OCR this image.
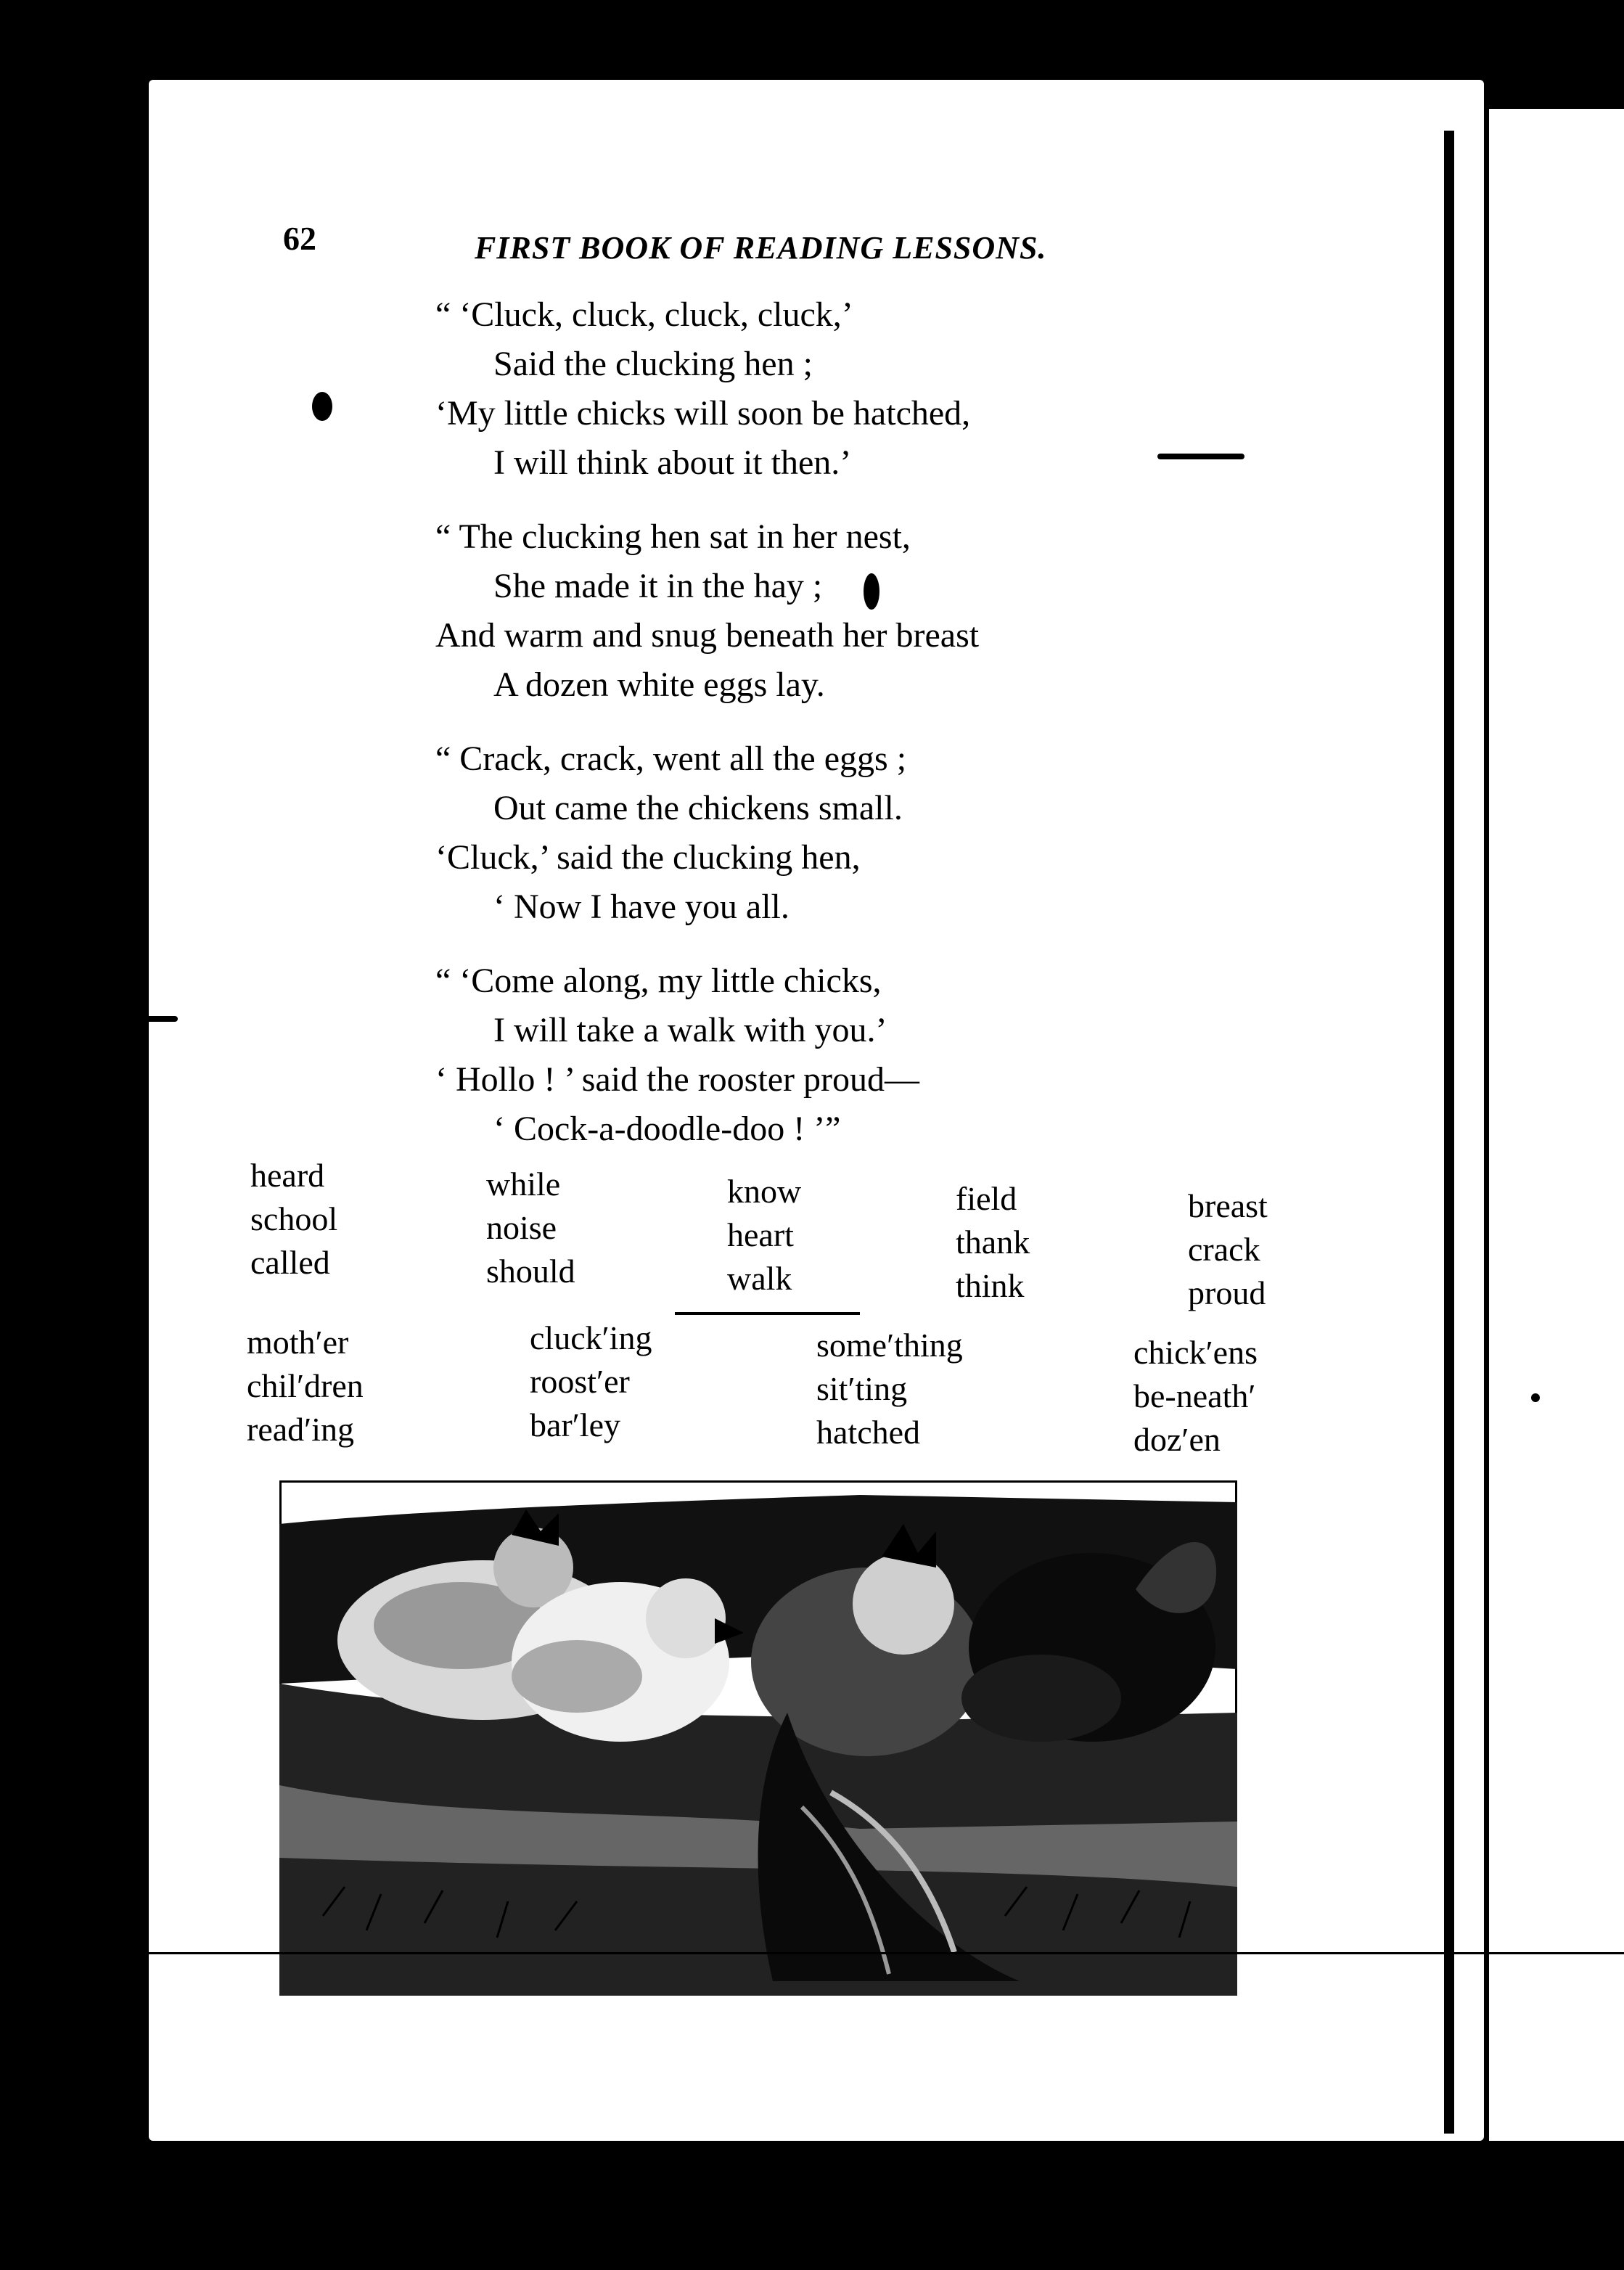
62	FIRST BOOK OF READING LESSONS.
“ ‘Cluck, cluck, cluck, cluck,’
Said the clucking hen ;
‘My little chicks will soon be hatched,
I will think about it then.’
“ The clucking hen sat in her nest,
She made it in the hay ;
And warm and snug beneath her breast
A dozen white eggs lay.
“ Crack, crack, went all the eggs ;
Out came the chickens small.
‘Cluck,’ said the clucking hen,
‘ Now I have you all.
“ ‘Come along, my little chicks,
I will take a walk with you.’
‘ Hollo ! ’ said the rooster proud—
‘ Cock-a-doodle-doo ! ’”
heard
school
called
while
noise
should
know
heart
walk
field
thank
think
breast
crack
proud
moth′er
chil′dren
read′ing
cluck′ing
roost′er
bar′ley
some′thing
sit′ting
hatched
chick′ens
be-neath′
doz′en
